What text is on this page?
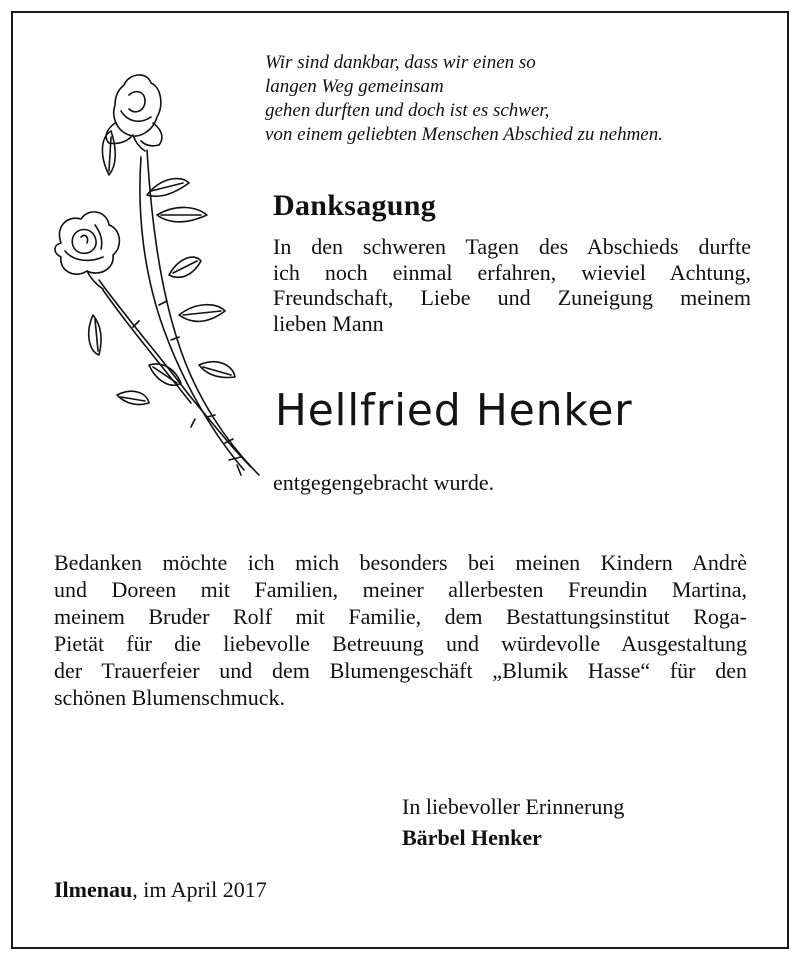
Wir sind dankbar, dass wir einen so
langen Weg gemeinsam
gehen durften und doch ist es schwer,
von einem geliebten Menschen Abschied zu nehmen.
Danksagung
In den schweren Tagen des Abschieds durfte
ich noch einmal erfahren, wieviel Achtung,
Freundschaft, Liebe und Zuneigung meinem
lieben Mann
Hellfried Henker
entgegengebracht wurde.
Bedanken möchte ich mich besonders bei meinen Kindern Andrè
und Doreen mit Familien, meiner allerbesten Freundin Martina,
meinem Bruder Rolf mit Familie, dem Bestattungsinstitut Roga-
Pietät für die liebevolle Betreuung und würdevolle Ausgestaltung
der Trauerfeier und dem Blumengeschäft „Blumik Hasse“ für den
schönen Blumenschmuck.
In liebevoller Erinnerung
Bärbel Henker
Ilmenau, im April 2017
